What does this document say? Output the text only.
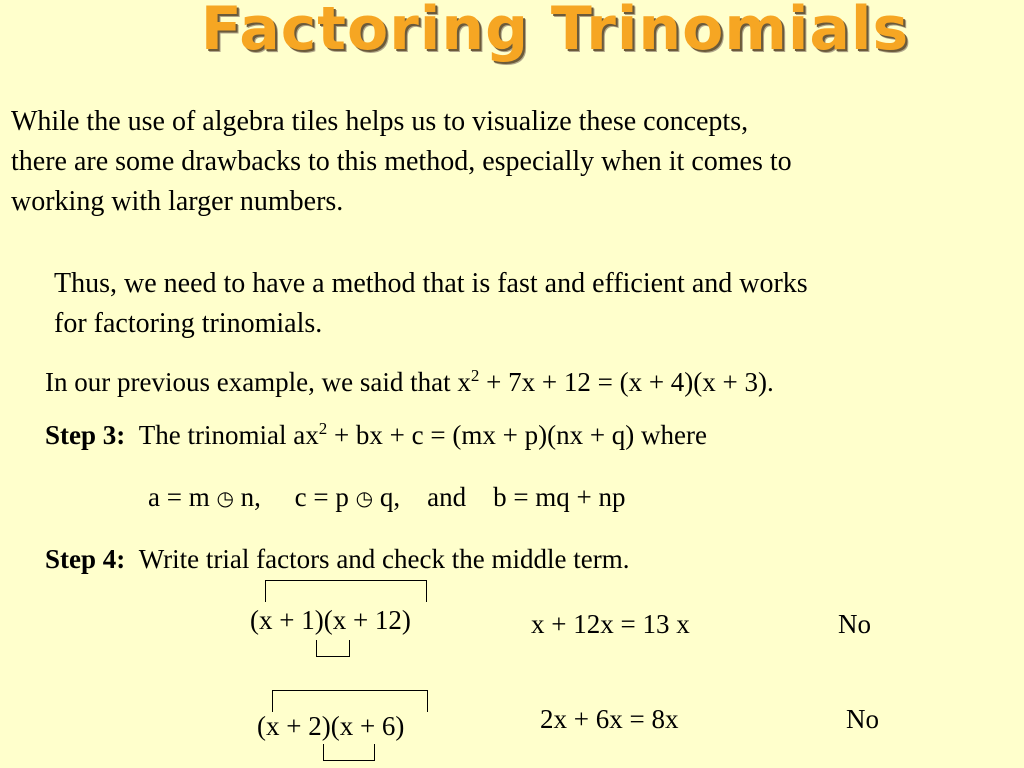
Factoring Trinomials
While the use of algebra tiles helps us to visualize these concepts,
there are some drawbacks to this method, especially when it comes to
working with larger numbers.
Thus, we need to have a method that is fast and efficient and works
for factoring trinomials.
In our previous example, we said that $x^2 + 7x + 12 = (x + 4)(x + 3)$.
Step 3: The trinomial $ax^2$ + bx + c = (mx + p)(nx + q) where
a = m ◷ n, c = p ◷ q, and b = mq + np
Step 4: Write trial factors and check the middle term.
(x + 1)(x + 12)	x + 12x = 13 x	No
(x + 2)(x + 6)	2x + 6x = 8x	No
